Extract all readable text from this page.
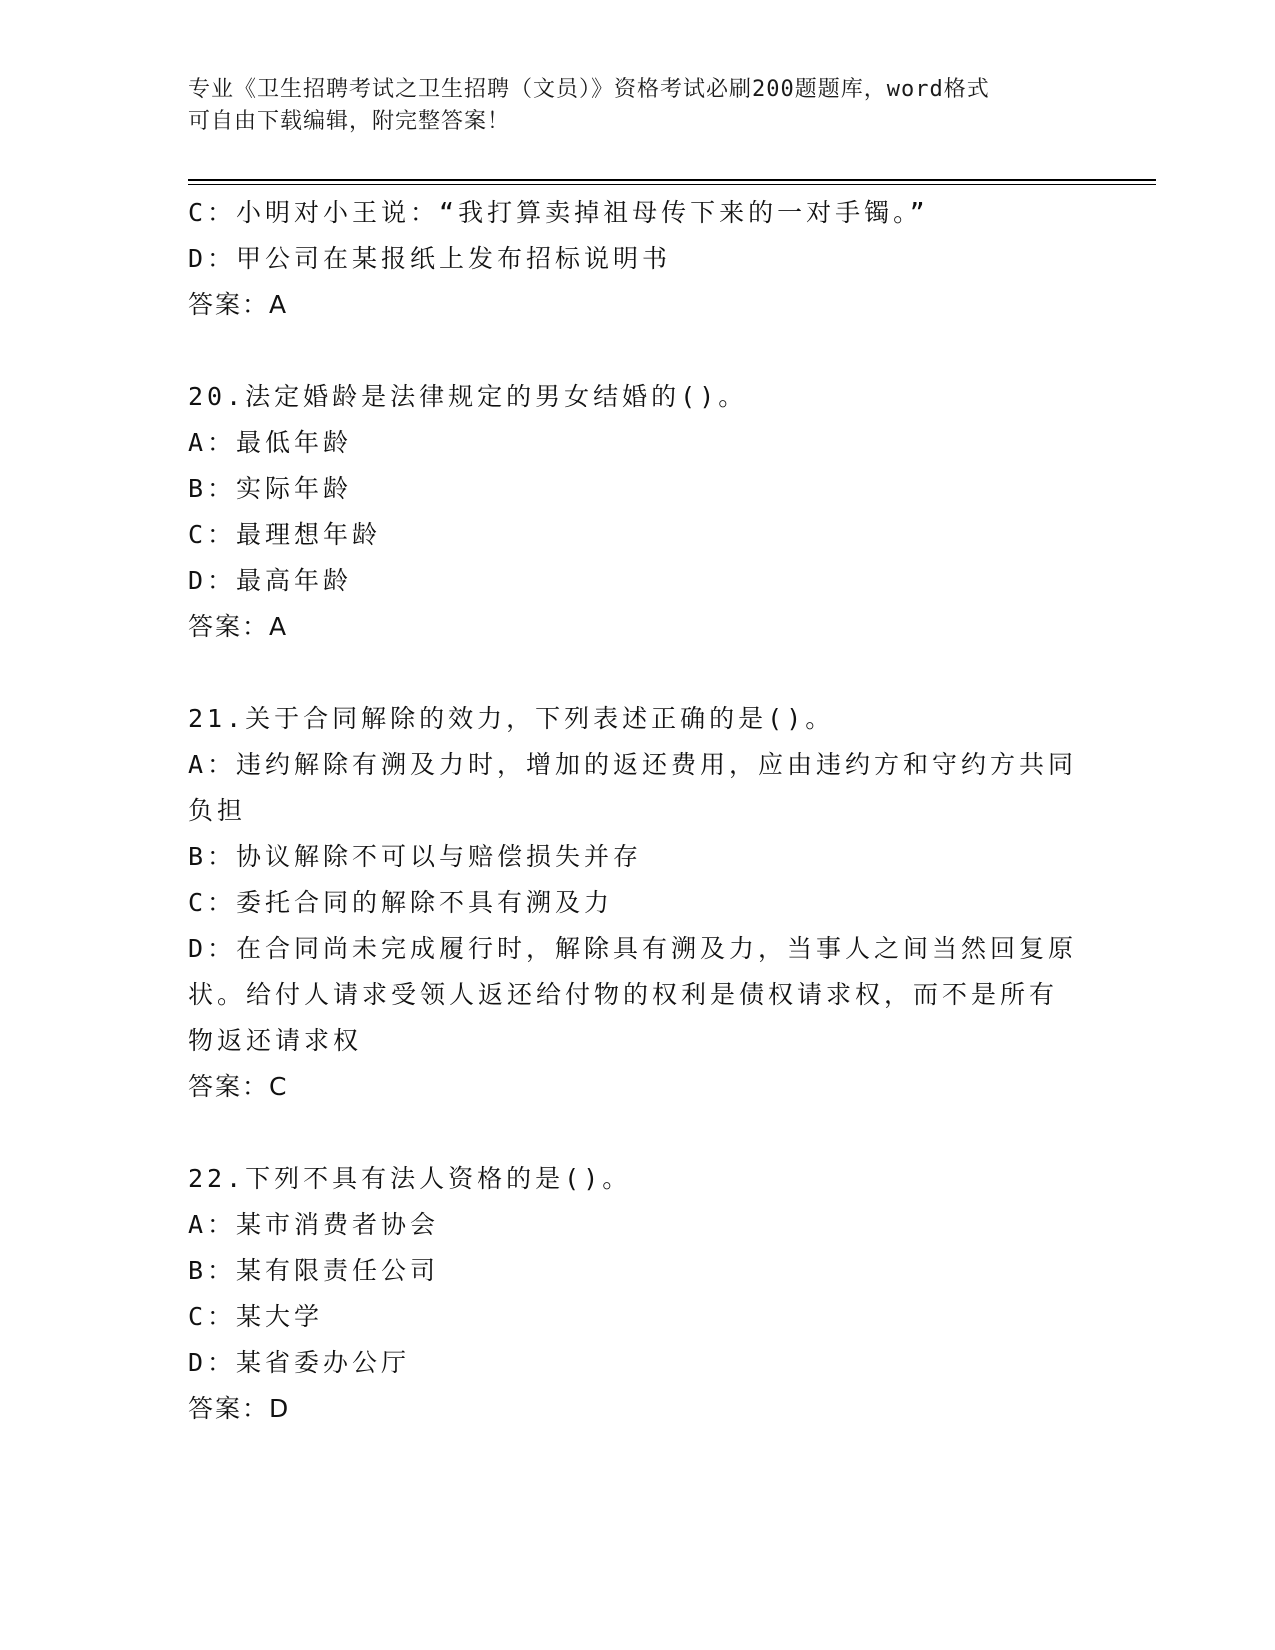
专业《卫生招聘考试之卫生招聘（文员）》资格考试必刷200题题库，word格式
可自由下载编辑，附完整答案！
C：小明对小王说：“我打算卖掉祖母传下来的一对手镯。”
D：甲公司在某报纸上发布招标说明书
答案：A
20.法定婚龄是法律规定的男女结婚的()。
A：最低年龄
B：实际年龄
C：最理想年龄
D：最高年龄
答案：A
21.关于合同解除的效力，下列表述正确的是()。
A：违约解除有溯及力时，增加的返还费用，应由违约方和守约方共同
负担
B：协议解除不可以与赔偿损失并存
C：委托合同的解除不具有溯及力
D：在合同尚未完成履行时，解除具有溯及力，当事人之间当然回复原
状。给付人请求受领人返还给付物的权利是债权请求权，而不是所有
物返还请求权
答案：C
22.下列不具有法人资格的是()。
A：某市消费者协会
B：某有限责任公司
C：某大学
D：某省委办公厅
答案：D
